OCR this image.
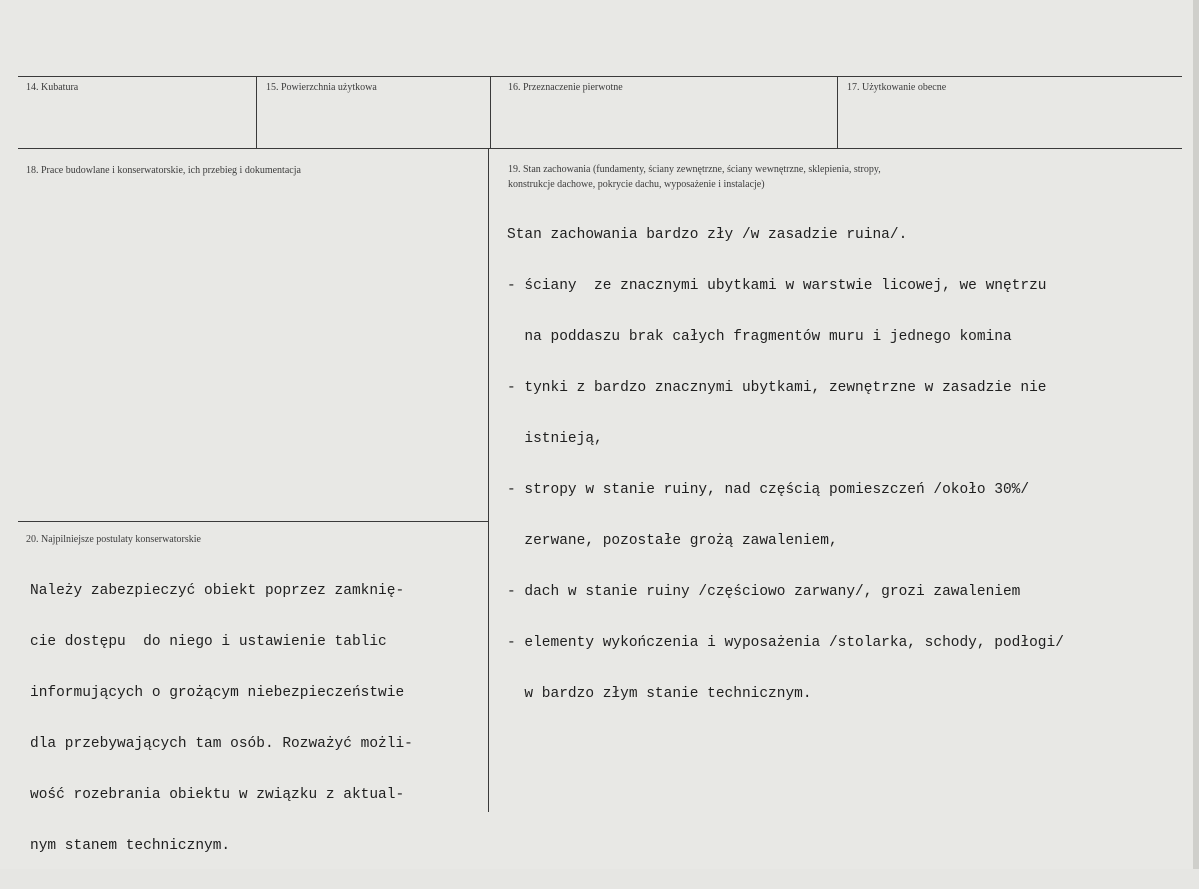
14. Kubatura	15. Powierzchnia użytkowa	16. Przeznaczenie pierwotne	17. Użytkowanie obecne
18. Prace budowlane i konserwatorskie, ich przebieg i dokumentacja	19. Stan zachowania (fundamenty, ściany zewnętrzne, ściany wewnętrzne, sklepienia, stropy,
konstrukcje dachowe, pokrycie dachu, wyposażenie i instalacje)
20. Najpilniejsze postulaty konserwatorskie

Stan zachowania bardzo zły /w zasadzie ruina/.

- ściany  ze znacznymi ubytkami w warstwie licowej, we wnętrzu

na poddaszu brak całych fragmentów muru i jednego komina

- tynki z bardzo znacznymi ubytkami, zewnętrzne w zasadzie nie

istnieją,

- stropy w stanie ruiny, nad częścią pomieszczeń /około 30%/

zerwane, pozostałe grożą zawaleniem,

- dach w stanie ruiny /częściowo zarwany/, grozi zawaleniem

- elementy wykończenia i wyposażenia /stolarka, schody, podłogi/

w bardzo złym stanie technicznym.

Należy zabezpieczyć obiekt poprzez zamknię-

cie dostępu  do niego i ustawienie tablic

informujących o grożącym niebezpieczeństwie

dla przebywających tam osób. Rozważyć możli-

wość rozebrania obiektu w związku z aktual-

nym stanem technicznym.
